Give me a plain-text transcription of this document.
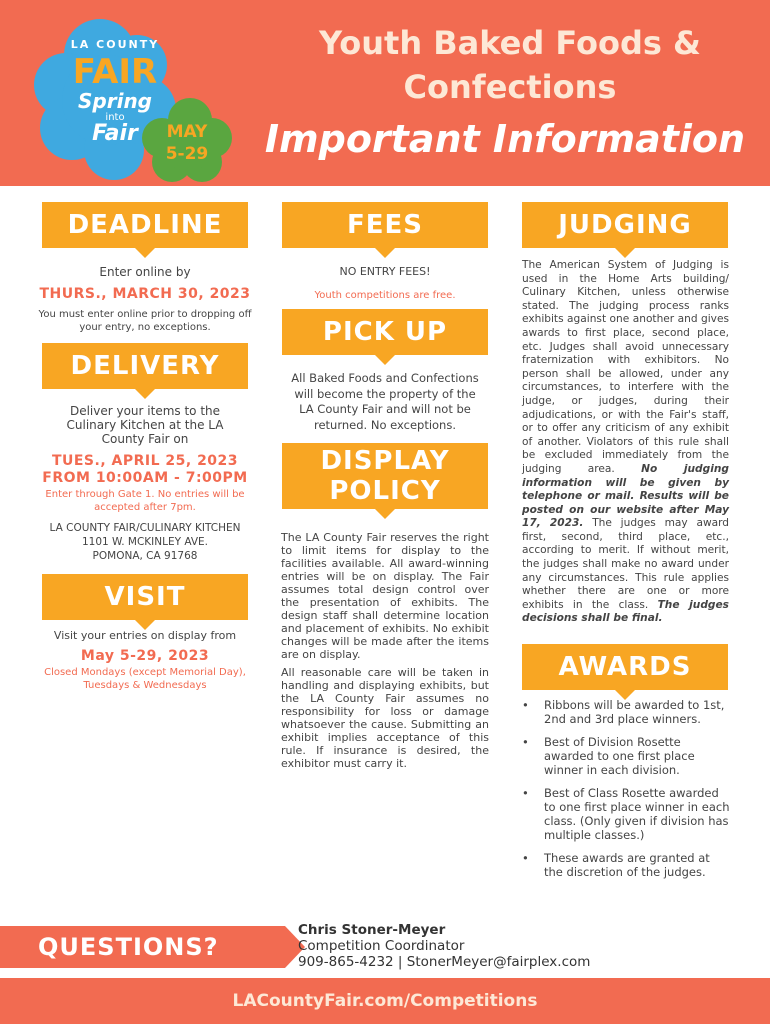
LA COUNTY
FAIR
Spring
into
Fair	MAY
5-29
Youth Baked Foods &
Confections
Important Information
DEADLINE
Enter online by
THURS., MARCH 30, 2023
You must enter online prior to dropping off your entry, no exceptions.
DELIVERY
Deliver your items to the Culinary Kitchen at the LA County Fair on
TUES., APRIL 25, 2023
FROM 10:00AM - 7:00PM
Enter through Gate 1. No entries will be accepted after 7pm.
LA COUNTY FAIR/CULINARY KITCHEN
1101 W. MCKINLEY AVE.
POMONA, CA 91768
VISIT
Visit your entries on display from
May 5-29, 2023
Closed Mondays (except Memorial Day), Tuesdays & Wednesdays
FEES
NO ENTRY FEES!
Youth competitions are free.
PICK UP
All Baked Foods and Confections will become the property of the LA County Fair and will not be returned. No exceptions.
DISPLAY
POLICY
The LA County Fair reserves the right to limit items for display to the facilities available. All award-winning entries will be on display. The Fair assumes total design control over the presentation of exhibits. The design staff shall determine location and placement of exhibits. No exhibit changes will be made after the items are on display.
All reasonable care will be taken in handling and displaying exhibits, but the LA County Fair assumes no responsibility for loss or damage whatsoever the cause. Submitting an exhibit implies acceptance of this rule. If insurance is desired, the exhibitor must carry it.
JUDGING
The American System of Judging is used in the Home Arts building/ Culinary Kitchen, unless otherwise stated. The judging process ranks exhibits against one another and gives awards to first place, second place, etc. Judges shall avoid unnecessary fraternization with exhibitors. No person shall be allowed, under any circumstances, to interfere with the judge, or judges, during their adjudications, or with the Fair's staff, or to offer any criticism of any exhibit of another. Violators of this rule shall be excluded immediately from the judging area. No judging information will be given by telephone or mail. Results will be posted on our website after May 17, 2023. The judges may award first, second, third place, etc., according to merit. If without merit, the judges shall make no award under any circumstances. This rule applies whether there are one or more exhibits in the class. The judges decisions shall be final.
AWARDS
• Ribbons will be awarded to 1st, 2nd and 3rd place winners.
• Best of Division Rosette awarded to one first place winner in each division.
• Best of Class Rosette awarded to one first place winner in each class. (Only given if division has multiple classes.)
• These awards are granted at the discretion of the judges.
QUESTIONS?
Chris Stoner-Meyer
Competition Coordinator
909-865-4232 | StonerMeyer@fairplex.com
LACountyFair.com/Competitions
